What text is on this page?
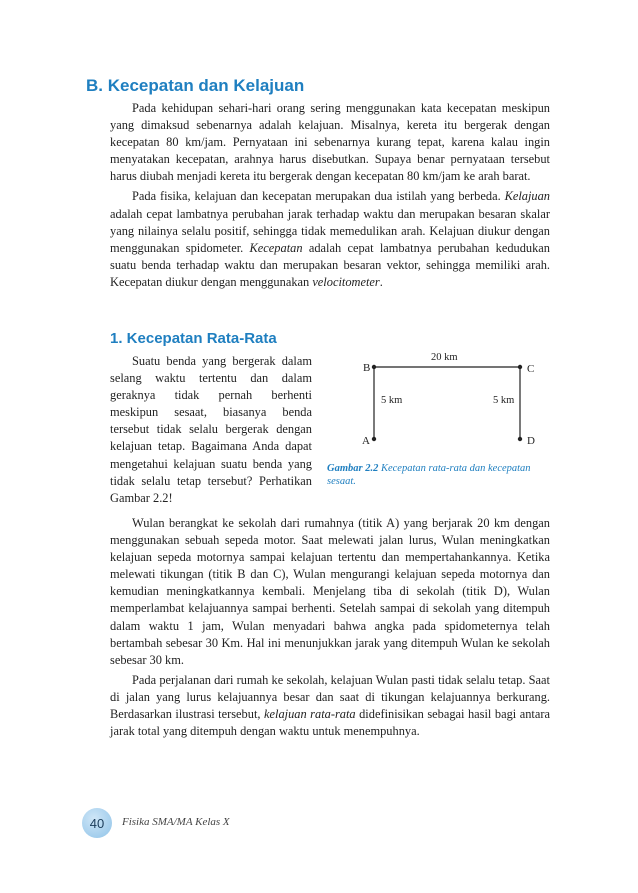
B. Kecepatan dan Kelajuan

Pada kehidupan sehari-hari orang sering menggunakan kata kecepatan meskipun yang dimaksud sebenarnya adalah kelajuan. Misalnya, kereta itu bergerak dengan kecepatan 80 km/jam. Pernyataan ini sebenarnya kurang tepat, karena kalau ingin menyatakan kecepatan, arahnya harus disebutkan. Supaya benar pernyataan tersebut harus diubah menjadi kereta itu bergerak dengan kecepatan 80 km/jam ke arah barat.

Pada fisika, kelajuan dan kecepatan merupakan dua istilah yang berbeda. Kelajuan adalah cepat lambatnya perubahan jarak terhadap waktu dan merupakan besaran skalar yang nilainya selalu positif, sehingga tidak memedulikan arah. Kelajuan diukur dengan menggunakan spidometer. Kecepatan adalah cepat lambatnya perubahan kedudukan suatu benda terhadap waktu dan merupakan besaran vektor, sehingga memiliki arah. Kecepatan diukur dengan menggunakan velocitometer.

1. Kecepatan Rata-Rata

Suatu benda yang bergerak dalam selang waktu tertentu dan dalam geraknya tidak pernah berhenti meskipun sesaat, biasanya benda tersebut tidak selalu bergerak dengan kelajuan tetap. Bagaimana Anda dapat mengetahui kelajuan suatu benda yang tidak selalu tetap tersebut? Perhatikan Gambar 2.2!

B	C
A	D
20 km
5 km	5 km
Gambar 2.2 Kecepatan rata-rata dan kecepatan sesaat.

Wulan berangkat ke sekolah dari rumahnya (titik A) yang berjarak 20 km dengan menggunakan sebuah sepeda motor. Saat melewati jalan lurus, Wulan meningkatkan kelajuan sepeda motornya sampai kelajuan tertentu dan mempertahankannya. Ketika melewati tikungan (titik B dan C), Wulan mengurangi kelajuan sepeda motornya dan kemudian meningkatkannya kembali. Menjelang tiba di sekolah (titik D), Wulan memperlambat kelajuannya sampai berhenti. Setelah sampai di sekolah yang ditempuh dalam waktu 1 jam, Wulan menyadari bahwa angka pada spidometernya telah bertambah sebesar 30 Km. Hal ini menunjukkan jarak yang ditempuh Wulan ke sekolah sebesar 30 km.

Pada perjalanan dari rumah ke sekolah, kelajuan Wulan pasti tidak selalu tetap. Saat di jalan yang lurus kelajuannya besar dan saat di tikungan kelajuannya berkurang. Berdasarkan ilustrasi tersebut, kelajuan rata-rata didefinisikan sebagai hasil bagi antara jarak total yang ditempuh dengan waktu untuk menempuhnya.

40 Fisika SMA/MA Kelas X
